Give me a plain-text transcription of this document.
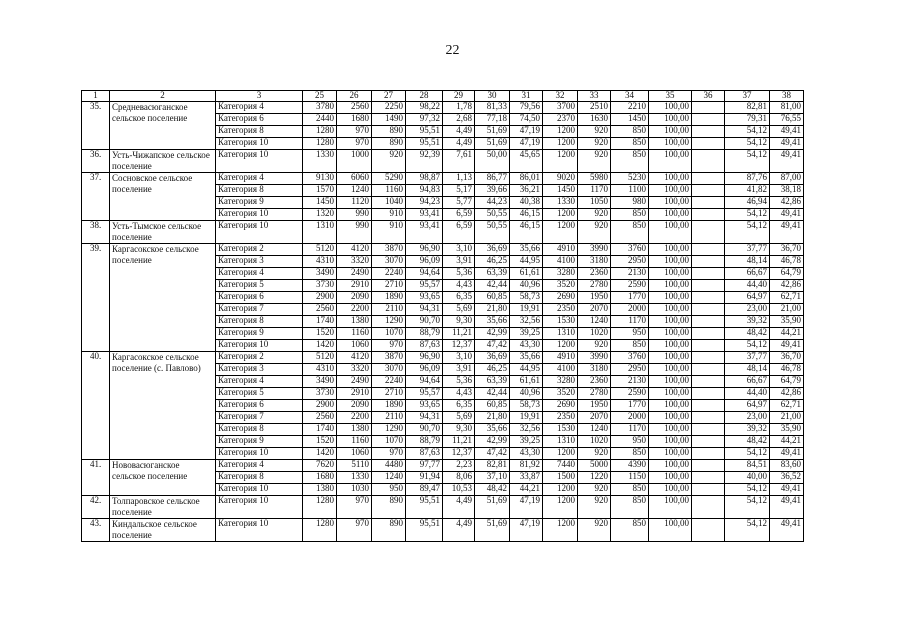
22
1	2	3	25	26	27	28	29	30	31	32	33	34	35	36	37	38
35.	Средневасюганское сельское поселение	Категория 4	3780	2560	2250	98,22	1,78	81,33	79,56	3700	2510	2210	100,00		82,81	81,00
		Категория 6	2440	1680	1490	97,32	2,68	77,18	74,50	2370	1630	1450	100,00		79,31	76,55
		Категория 8	1280	970	890	95,51	4,49	51,69	47,19	1200	920	850	100,00		54,12	49,41
		Категория 10	1280	970	890	95,51	4,49	51,69	47,19	1200	920	850	100,00		54,12	49,41
36.	Усть-Чижапское сельское поселение	Категория 10	1330	1000	920	92,39	7,61	50,00	45,65	1200	920	850	100,00		54,12	49,41
37.	Сосновское сельское поселение	Категория 4	9130	6060	5290	98,87	1,13	86,77	86,01	9020	5980	5230	100,00		87,76	87,00
		Категория 8	1570	1240	1160	94,83	5,17	39,66	36,21	1450	1170	1100	100,00		41,82	38,18
		Категория 9	1450	1120	1040	94,23	5,77	44,23	40,38	1330	1050	980	100,00		46,94	42,86
		Категория 10	1320	990	910	93,41	6,59	50,55	46,15	1200	920	850	100,00		54,12	49,41
38.	Усть-Тымское сельское поселение	Категория 10	1310	990	910	93,41	6,59	50,55	46,15	1200	920	850	100,00		54,12	49,41
39.	Каргасокское сельское поселение	Категория 2	5120	4120	3870	96,90	3,10	36,69	35,66	4910	3990	3760	100,00		37,77	36,70
		Категория 3	4310	3320	3070	96,09	3,91	46,25	44,95	4100	3180	2950	100,00		48,14	46,78
		Категория 4	3490	2490	2240	94,64	5,36	63,39	61,61	3280	2360	2130	100,00		66,67	64,79
		Категория 5	3730	2910	2710	95,57	4,43	42,44	40,96	3520	2780	2590	100,00		44,40	42,86
		Категория 6	2900	2090	1890	93,65	6,35	60,85	58,73	2690	1950	1770	100,00		64,97	62,71
		Категория 7	2560	2200	2110	94,31	5,69	21,80	19,91	2350	2070	2000	100,00		23,00	21,00
		Категория 8	1740	1380	1290	90,70	9,30	35,66	32,56	1530	1240	1170	100,00		39,32	35,90
		Категория 9	1520	1160	1070	88,79	11,21	42,99	39,25	1310	1020	950	100,00		48,42	44,21
		Категория 10	1420	1060	970	87,63	12,37	47,42	43,30	1200	920	850	100,00		54,12	49,41
40.	Каргасокское сельское поселение (с. Павлово)	Категория 2	5120	4120	3870	96,90	3,10	36,69	35,66	4910	3990	3760	100,00		37,77	36,70
		Категория 3	4310	3320	3070	96,09	3,91	46,25	44,95	4100	3180	2950	100,00		48,14	46,78
		Категория 4	3490	2490	2240	94,64	5,36	63,39	61,61	3280	2360	2130	100,00		66,67	64,79
		Категория 5	3730	2910	2710	95,57	4,43	42,44	40,96	3520	2780	2590	100,00		44,40	42,86
		Категория 6	2900	2090	1890	93,65	6,35	60,85	58,73	2690	1950	1770	100,00		64,97	62,71
		Категория 7	2560	2200	2110	94,31	5,69	21,80	19,91	2350	2070	2000	100,00		23,00	21,00
		Категория 8	1740	1380	1290	90,70	9,30	35,66	32,56	1530	1240	1170	100,00		39,32	35,90
		Категория 9	1520	1160	1070	88,79	11,21	42,99	39,25	1310	1020	950	100,00		48,42	44,21
		Категория 10	1420	1060	970	87,63	12,37	47,42	43,30	1200	920	850	100,00		54,12	49,41
41.	Нововасюганское сельское поселение	Категория 4	7620	5110	4480	97,77	2,23	82,81	81,92	7440	5000	4390	100,00		84,51	83,60
		Категория 8	1680	1330	1240	91,94	8,06	37,10	33,87	1500	1220	1150	100,00		40,00	36,52
		Категория 10	1380	1030	950	89,47	10,53	48,42	44,21	1200	920	850	100,00		54,12	49,41
42.	Толпаровское сельское поселение	Категория 10	1280	970	890	95,51	4,49	51,69	47,19	1200	920	850	100,00		54,12	49,41
43.	Киндальское сельское поселение	Категория 10	1280	970	890	95,51	4,49	51,69	47,19	1200	920	850	100,00		54,12	49,41
